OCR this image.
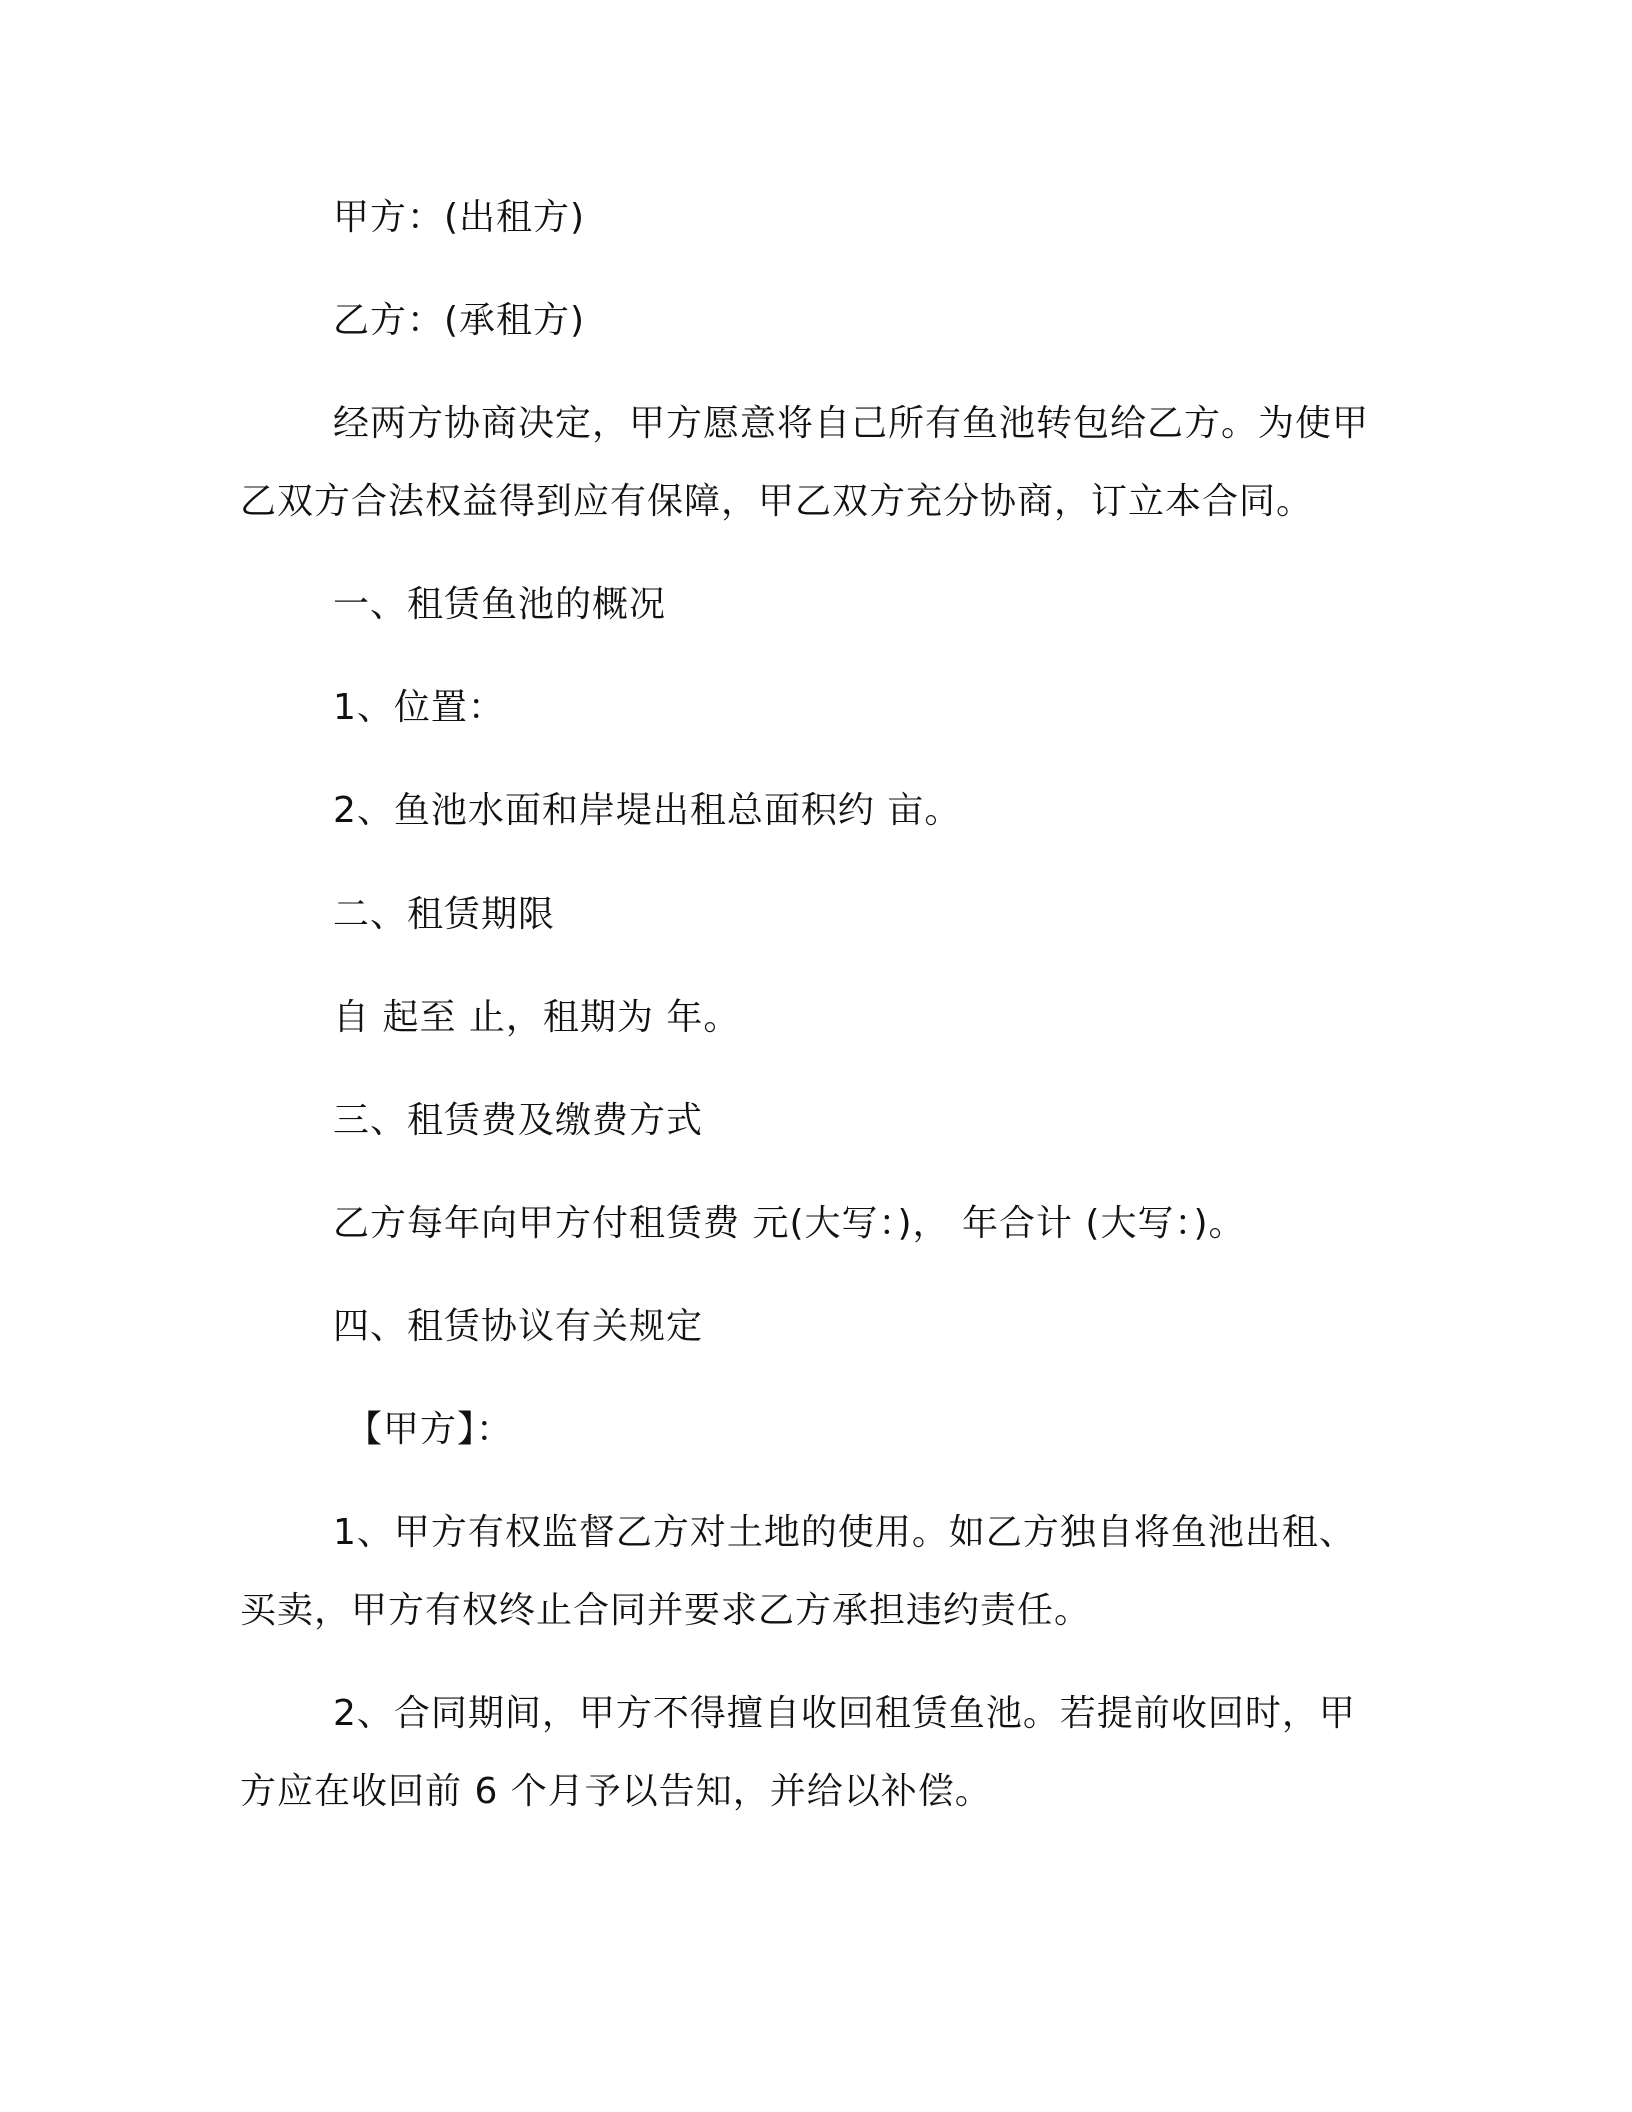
甲方：(出租方)
乙方：(承租方)
经两方协商决定，甲方愿意将自己所有鱼池转包给乙方。为使甲
乙双方合法权益得到应有保障，甲乙双方充分协商，订立本合同。
一、租赁鱼池的概况
1、位置：
2、鱼池水面和岸堤出租总面积约 亩。
二、租赁期限
自 起至 止，租期为 年。
三、租赁费及缴费方式
乙方每年向甲方付租赁费 元(大写：)， 年合计 (大写：)。
四、租赁协议有关规定
【甲方】：
1、甲方有权监督乙方对土地的使用。如乙方独自将鱼池出租、
买卖，甲方有权终止合同并要求乙方承担违约责任。
2、合同期间，甲方不得擅自收回租赁鱼池。若提前收回时，甲
方应在收回前 6 个月予以告知，并给以补偿。
